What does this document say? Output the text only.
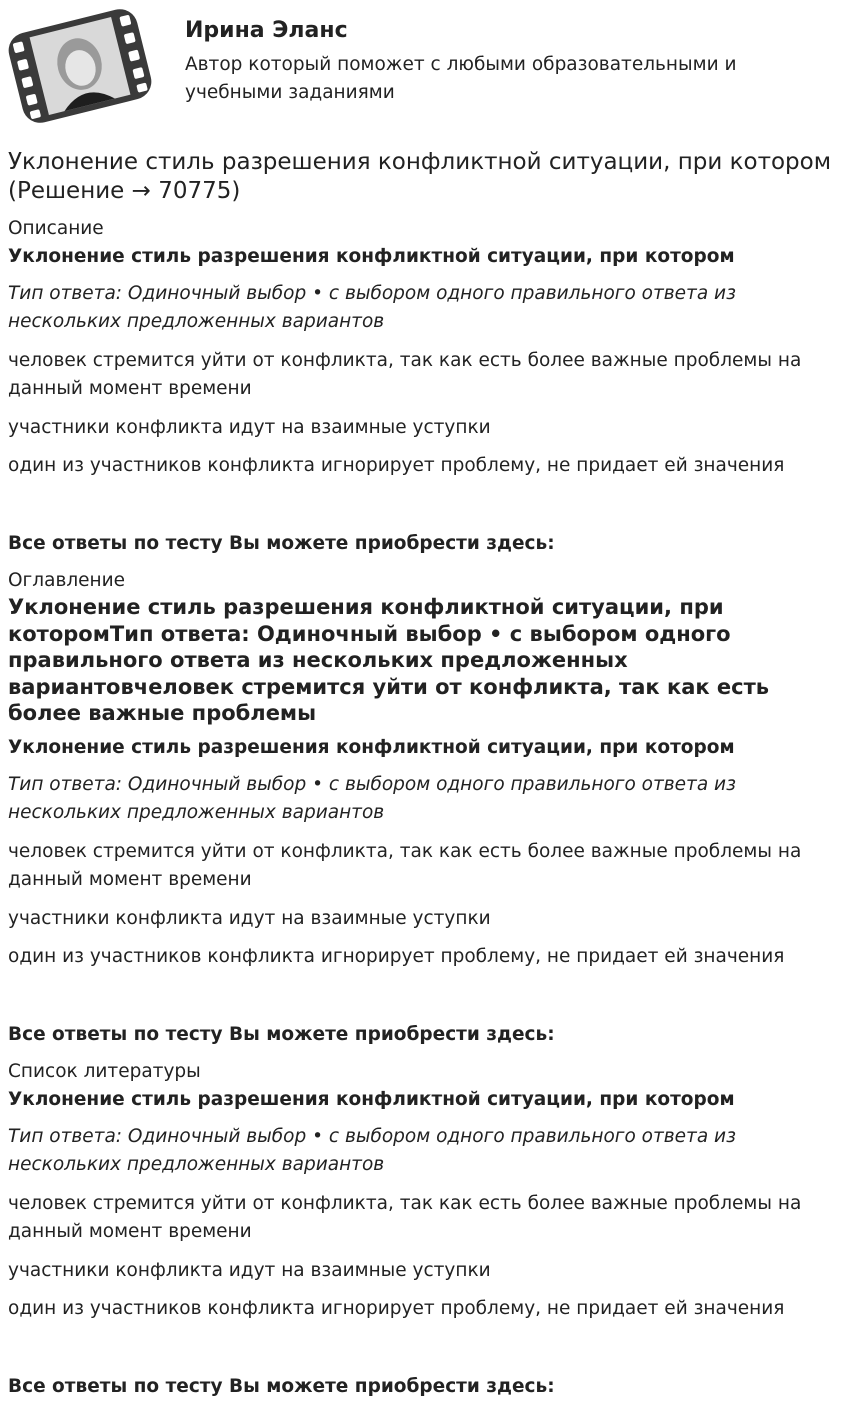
Ирина Эланс
Автор который поможет с любыми образовательными и учебными заданиями
Уклонение стиль разрешения конфликтной ситуации, при котором (Решение → 70775)
Описание
Уклонение стиль разрешения конфликтной ситуации, при котором
Тип ответа: Одиночный выбор • с выбором одного правильного ответа из нескольких предложенных вариантов
человек стремится уйти от конфликта, так как есть более важные проблемы на данный момент времени
участники конфликта идут на взаимные уступки
один из участников конфликта игнорирует проблему, не придает ей значения
Все ответы по тесту Вы можете приобрести здесь:
Оглавление
Уклонение стиль разрешения конфликтной ситуации, при которомТип ответа: Одиночный выбор • с выбором одного правильного ответа из нескольких предложенных вариантовчеловек стремится уйти от конфликта, так как есть более важные проблемы
Уклонение стиль разрешения конфликтной ситуации, при котором
Тип ответа: Одиночный выбор • с выбором одного правильного ответа из нескольких предложенных вариантов
человек стремится уйти от конфликта, так как есть более важные проблемы на данный момент времени
участники конфликта идут на взаимные уступки
один из участников конфликта игнорирует проблему, не придает ей значения
Все ответы по тесту Вы можете приобрести здесь:
Список литературы
Уклонение стиль разрешения конфликтной ситуации, при котором
Тип ответа: Одиночный выбор • с выбором одного правильного ответа из нескольких предложенных вариантов
человек стремится уйти от конфликта, так как есть более важные проблемы на данный момент времени
участники конфликта идут на взаимные уступки
один из участников конфликта игнорирует проблему, не придает ей значения
Все ответы по тесту Вы можете приобрести здесь:
